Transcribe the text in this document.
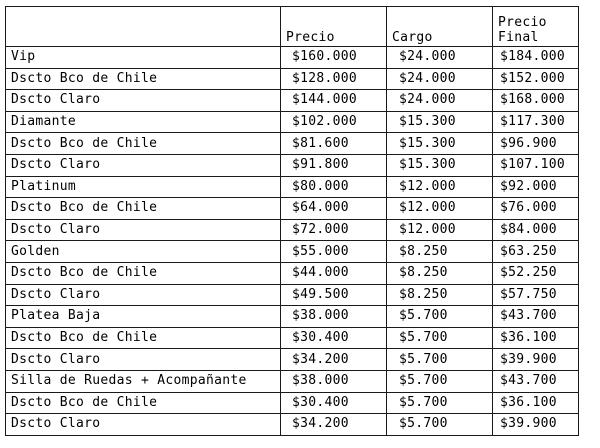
	Precio	Cargo	Precio
Final

Vip	$160.000	$24.000	$184.000
Dscto Bco de Chile	$128.000	$24.000	$152.000
Dscto Claro	$144.000	$24.000	$168.000
Diamante	$102.000	$15.300	$117.300
Dscto Bco de Chile	$81.600	$15.300	$96.900
Dscto Claro	$91.800	$15.300	$107.100
Platinum	$80.000	$12.000	$92.000
Dscto Bco de Chile	$64.000	$12.000	$76.000
Dscto Claro	$72.000	$12.000	$84.000
Golden	$55.000	$8.250	$63.250
Dscto Bco de Chile	$44.000	$8.250	$52.250
Dscto Claro	$49.500	$8.250	$57.750
Platea Baja	$38.000	$5.700	$43.700
Dscto Bco de Chile	$30.400	$5.700	$36.100
Dscto Claro	$34.200	$5.700	$39.900
Silla de Ruedas + Acompañante	$38.000	$5.700	$43.700
Dscto Bco de Chile	$30.400	$5.700	$36.100
Dscto Claro	$34.200	$5.700	$39.900
